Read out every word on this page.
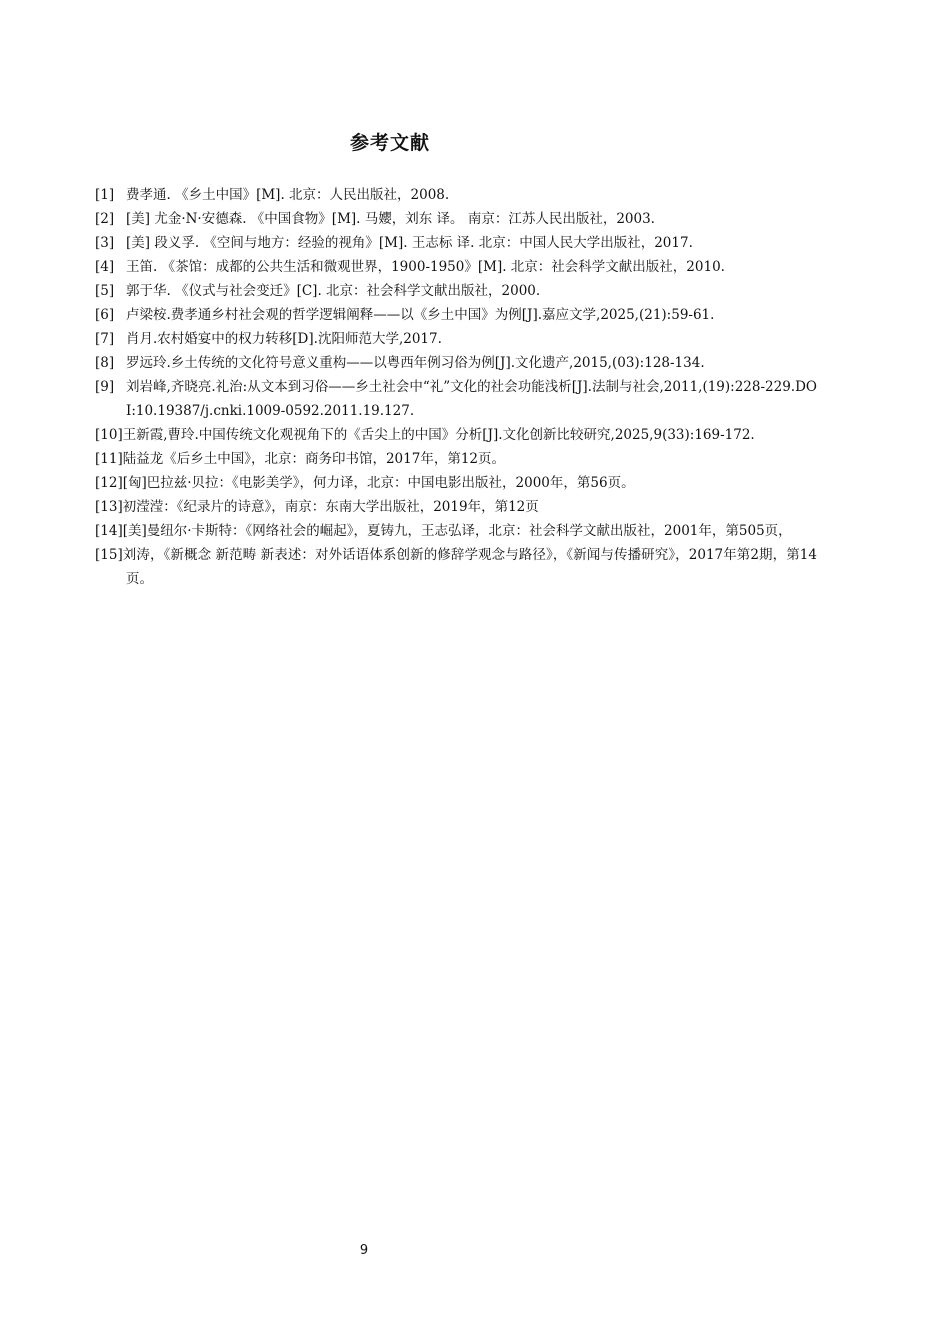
参考文献
[1] 费孝通. 《乡土中国》[M]. 北京：人民出版社，2008.
[2] [美] 尤金·N·安德森. 《中国食物》[M]. 马孆，刘东 译。 南京：江苏人民出版社，2003.
[3] [美] 段义孚. 《空间与地方：经验的视角》[M]. 王志标 译. 北京：中国人民大学出版社，2017.
[4] 王笛. 《茶馆：成都的公共生活和微观世界，1900-1950》[M]. 北京：社会科学文献出版社，2010.
[5] 郭于华. 《仪式与社会变迁》[C]. 北京：社会科学文献出版社，2000.
[6] 卢梁桉.费孝通乡村社会观的哲学逻辑阐释——以《乡土中国》为例[J].嘉应文学,2025,(21):59-61.
[7] 肖月.农村婚宴中的权力转移[D].沈阳师范大学,2017.
[8] 罗远玲.乡土传统的文化符号意义重构——以粤西年例习俗为例[J].文化遗产,2015,(03):128-134.
[9] 刘岩峰,齐晓亮.礼治:从文本到习俗——乡土社会中“礼”文化的社会功能浅析[J].法制与社会,2011,(19):228-229.DOI:10.19387/j.cnki.1009-0592.2011.19.127.
[10]王新霞,曹玲.中国传统文化观视角下的《舌尖上的中国》分析[J].文化创新比较研究,2025,9(33):169-172.
[11]陆益龙《后乡土中国》，北京：商务印书馆，2017年，第12页。
[12][匈]巴拉兹·贝拉：《电影美学》，何力译，北京：中国电影出版社，2000年，第56页。
[13]初滢滢：《纪录片的诗意》，南京：东南大学出版社，2019年，第12页
[14][美]曼纽尔·卡斯特：《网络社会的崛起》，夏铸九，王志弘译，北京：社会科学文献出版社，2001年，第505页，
[15]刘涛，《新概念 新范畴 新表述：对外话语体系创新的修辞学观念与路径》，《新闻与传播研究》，2017年第2期，第14页。
9
